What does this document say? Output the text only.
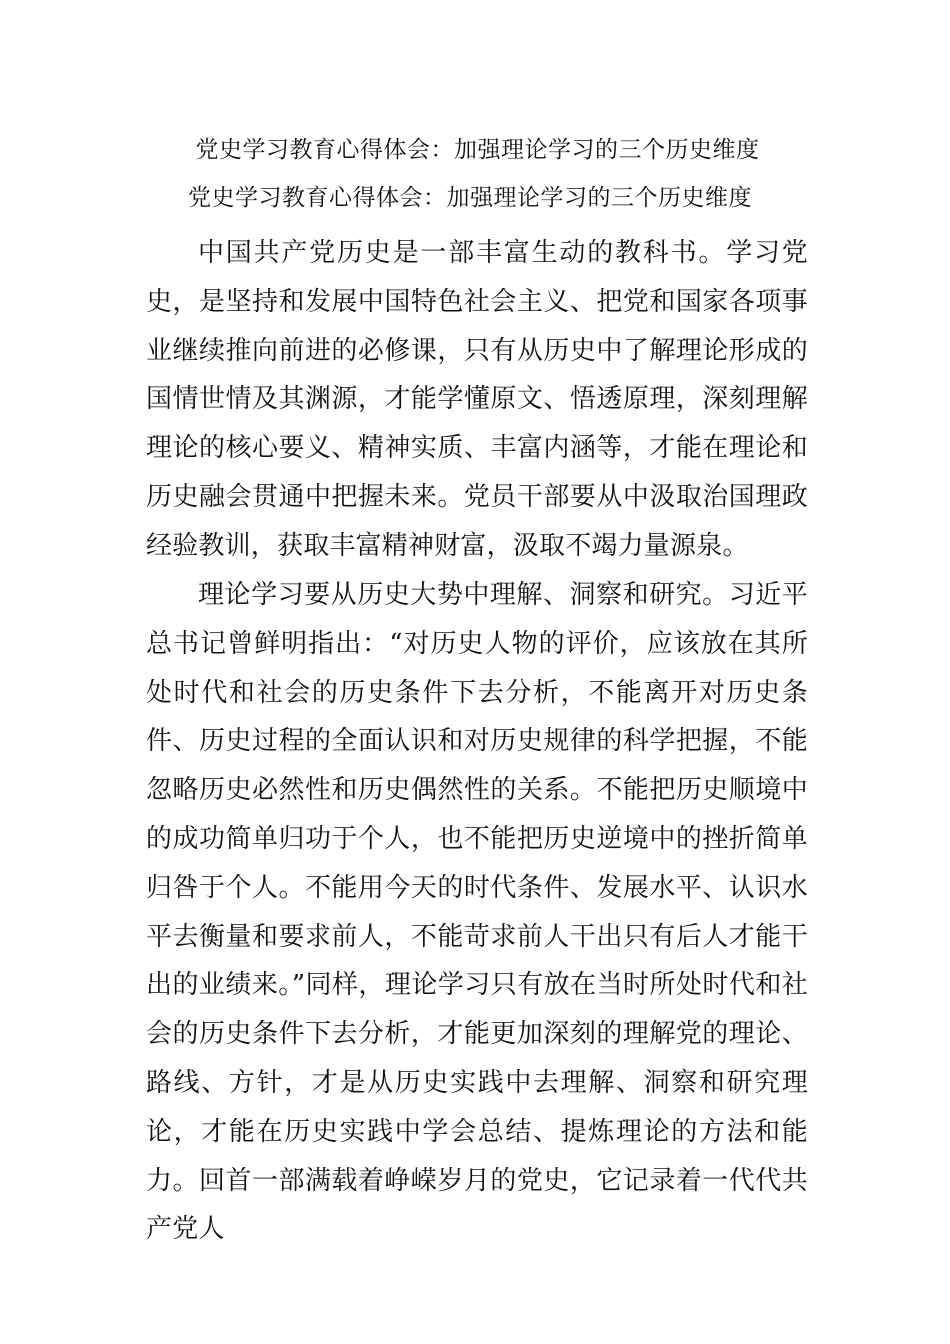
党史学习教育心得体会：加强理论学习的三个历史维度
党史学习教育心得体会：加强理论学习的三个历史维度

中国共产党历史是一部丰富生动的教科书。学习党史，是坚持和发展中国特色社会主义、把党和国家各项事业继续推向前进的必修课，只有从历史中了解理论形成的国情世情及其渊源，才能学懂原文、悟透原理，深刻理解理论的核心要义、精神实质、丰富内涵等，才能在理论和历史融会贯通中把握未来。党员干部要从中汲取治国理政经验教训，获取丰富精神财富，汲取不竭力量源泉。

理论学习要从历史大势中理解、洞察和研究。习近平总书记曾鲜明指出：“对历史人物的评价，应该放在其所处时代和社会的历史条件下去分析，不能离开对历史条件、历史过程的全面认识和对历史规律的科学把握，不能忽略历史必然性和历史偶然性的关系。不能把历史顺境中的成功简单归功于个人，也不能把历史逆境中的挫折简单归咎于个人。不能用今天的时代条件、发展水平、认识水平去衡量和要求前人，不能苛求前人干出只有后人才能干出的业绩来。”同样，理论学习只有放在当时所处时代和社会的历史条件下去分析，才能更加深刻的理解党的理论、路线、方针，才是从历史实践中去理解、洞察和研究理论，才能在历史实践中学会总结、提炼理论的方法和能力。回首一部满载着峥嵘岁月的党史，它记录着一代代共产党人
